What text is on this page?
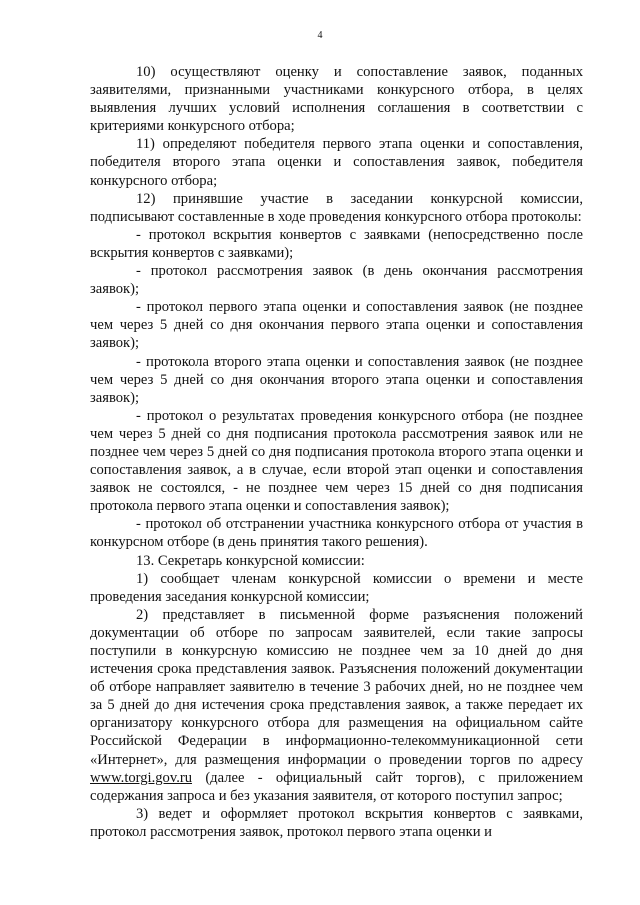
4

10) осуществляют оценку и сопоставление заявок, поданных заявителями, признанными участниками конкурсного отбора, в целях выявления лучших условий исполнения соглашения в соответствии с критериями конкурсного отбора;

11) определяют победителя первого этапа оценки и сопоставления, победителя второго этапа оценки и сопоставления заявок, победителя конкурсного отбора;

12) принявшие участие в заседании конкурсной комиссии, подписывают составленные в ходе проведения конкурсного отбора протоколы:

- протокол вскрытия конвертов с заявками (непосредственно после вскрытия конвертов с заявками);

- протокол рассмотрения заявок (в день окончания рассмотрения заявок);

- протокол первого этапа оценки и сопоставления заявок (не позднее чем через 5 дней со дня окончания первого этапа оценки и сопоставления заявок);

- протокола второго этапа оценки и сопоставления заявок (не позднее чем через 5 дней со дня окончания второго этапа оценки и сопоставления заявок);

- протокол о результатах проведения конкурсного отбора (не позднее чем через 5 дней со дня подписания протокола рассмотрения заявок или не позднее чем через 5 дней со дня подписания протокола второго этапа оценки и сопоставления заявок, а в случае, если второй этап оценки и сопоставления заявок не состоялся, - не позднее чем через 15 дней со дня подписания протокола первого этапа оценки и сопоставления заявок);

- протокол об отстранении участника конкурсного отбора от участия в конкурсном отборе (в день принятия такого решения).

13. Секретарь конкурсной комиссии:

1) сообщает членам конкурсной комиссии о времени и месте проведения заседания конкурсной комиссии;

2) представляет в письменной форме разъяснения положений документации об отборе по запросам заявителей, если такие запросы поступили в конкурсную комиссию не позднее чем за 10 дней до дня истечения срока представления заявок. Разъяснения положений документации об отборе направляет заявителю в течение 3 рабочих дней, но не позднее чем за 5 дней до дня истечения срока представления заявок, а также передает их организатору конкурсного отбора для размещения на официальном сайте Российской Федерации в информационно-телекоммуникационной сети «Интернет», для размещения информации о проведении торгов по адресу www.torgi.gov.ru (далее - официальный сайт торгов), с приложением содержания запроса и без указания заявителя, от которого поступил запрос;

3) ведет и оформляет протокол вскрытия конвертов с заявками, протокол рассмотрения заявок, протокол первого этапа оценки и
